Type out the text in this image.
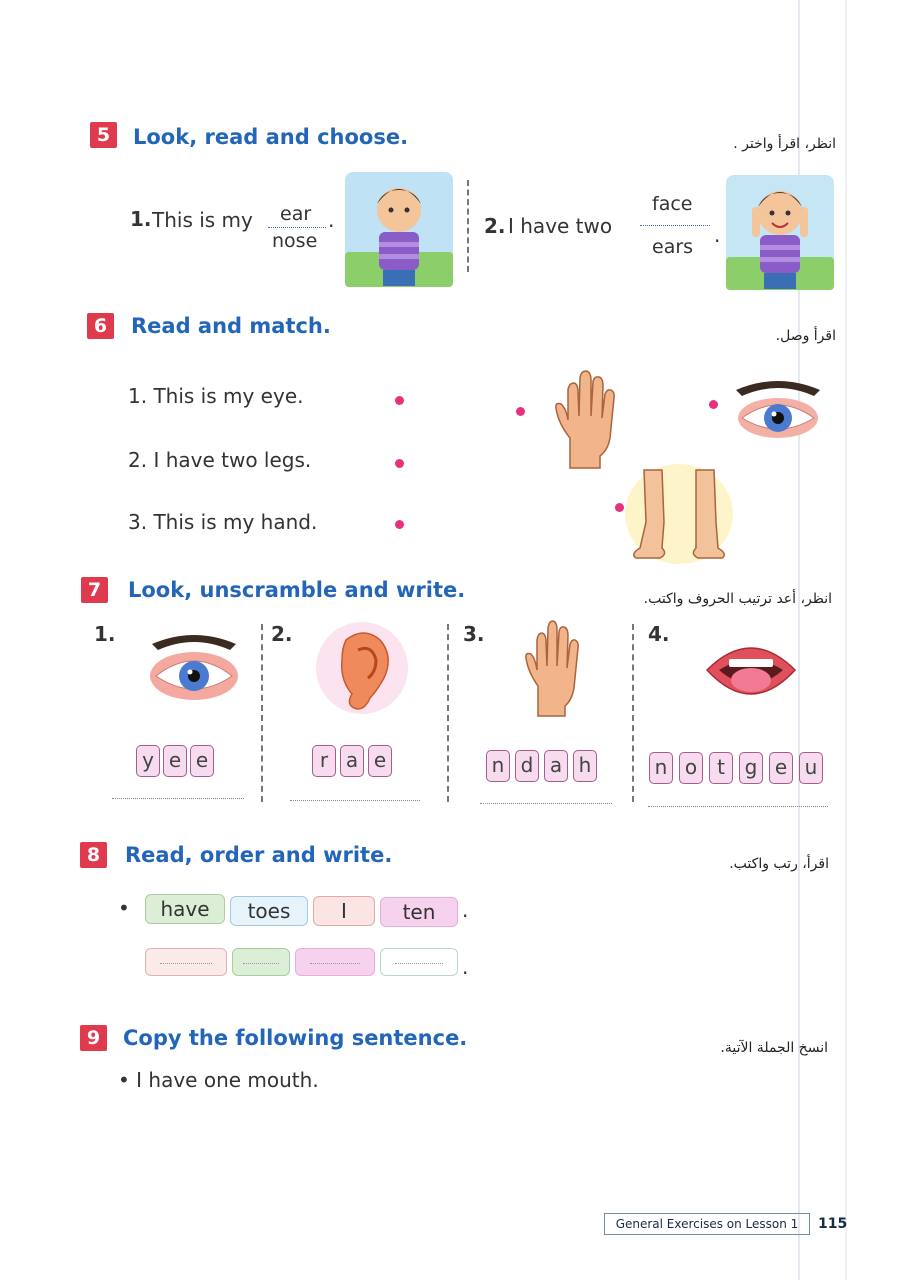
5	Look, read and choose.	انظر، اقرأ واختر .
1. This is my ear
nose
.	2. I have two
face
ears .
6	Read and match.	اقرأ وصل.
1. This is my eye.
2. I have two legs.
3. This is my hand.
7	Look, unscramble and write.	انظر، أعد ترتيب الحروف واكتب.
1.
y e e
2.
r a e
3.
n d a h
4.
n o t g e u
8	Read, order and write.	اقرأ، رتب واكتب.
•	have	toes	I	ten	.
.
9	Copy the following sentence.	انسخ الجملة الآتية.
• I have one mouth.
General Exercises on Lesson 1	115
